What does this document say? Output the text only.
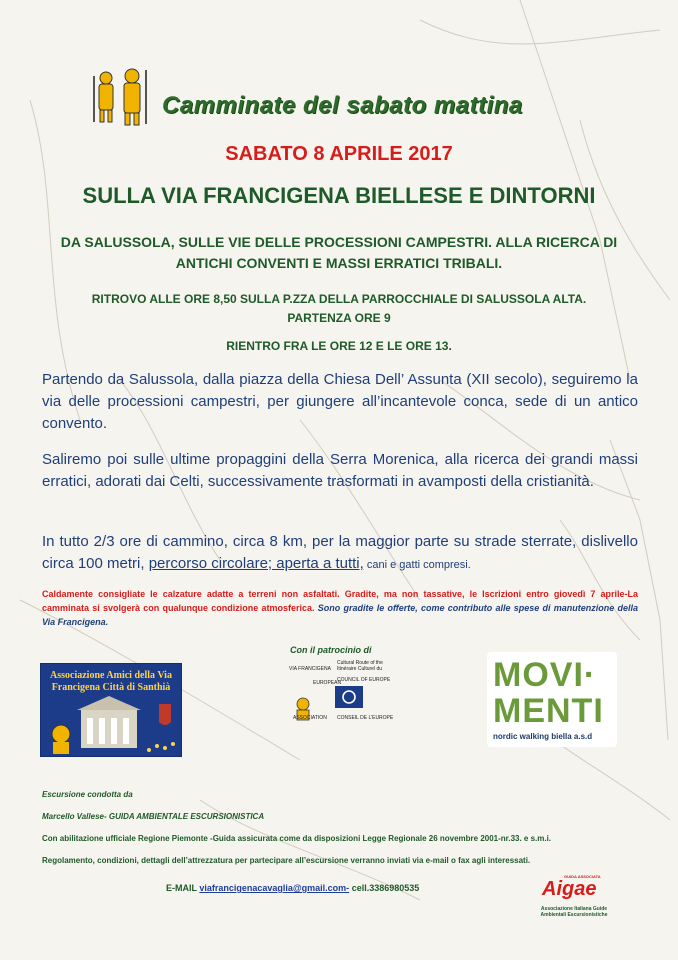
Camminate del sabato mattina
SABATO 8 APRILE 2017
SULLA VIA FRANCIGENA BIELLESE E DINTORNI
DA SALUSSOLA, SULLE VIE DELLE PROCESSIONI CAMPESTRI. ALLA RICERCA DI ANTICHI CONVENTI E MASSI ERRATICI TRIBALI.
RITROVO ALLE ORE 8,50 SULLA P.ZZA DELLA PARROCCHIALE DI SALUSSOLA ALTA.
PARTENZA ORE 9
RIENTRO FRA LE ORE 12 E LE ORE 13.
Partendo da Salussola, dalla piazza della Chiesa Dell’ Assunta (XII secolo), seguiremo la via delle processioni campestri, per giungere all’incantevole conca, sede di un antico convento.
Saliremo poi sulle ultime propaggini della Serra Morenica, alla ricerca dei grandi massi erratici, adorati dai Celti, successivamente trasformati in avamposti della cristianità.
In tutto 2/3 ore di cammino, circa 8 km, per la maggior parte su strade sterrate, dislivello circa 100 metri, percorso circolare; aperta a tutti, cani e gatti compresi.
Caldamente consigliate le calzature adatte a terreni non asfaltati. Gradite, ma non tassative, le Iscrizioni entro giovedì 7 aprile-La camminata si svolgerà con qualunque condizione atmosferica. Sono gradite le offerte, come contributo alle spese di manutenzione della Via Francigena.
Con il patrocinio di
Associazione Amici della Via Francigena Città di Santhià
VIA FRANCIGENA
Cultural Route of the Itinéraire Culturel du
EUROPEAN
COUNCIL OF EUROPE
ASSOCIATION CONSEIL DE L’EUROPE
MOVI·
MENTI
nordic walking biella a.s.d
Escursione condotta da
Marcello Vallese- GUIDA AMBIENTALE ESCURSIONISTICA
Con abilitazione ufficiale Regione Piemonte -Guida assicurata come da disposizioni Legge Regionale 26 novembre 2001-nr.33. e s.m.i.
Regolamento, condizioni, dettagli dell’attrezzatura per partecipare all’escursione verranno inviati via e-mail o fax agli interessati.
E-MAIL viafrancigenacavaglia@gmail.com- cell.3386980535
GUIDA ASSOCIATA
Aigae
Associazione Italiana Guide Ambientali Escursionistiche
